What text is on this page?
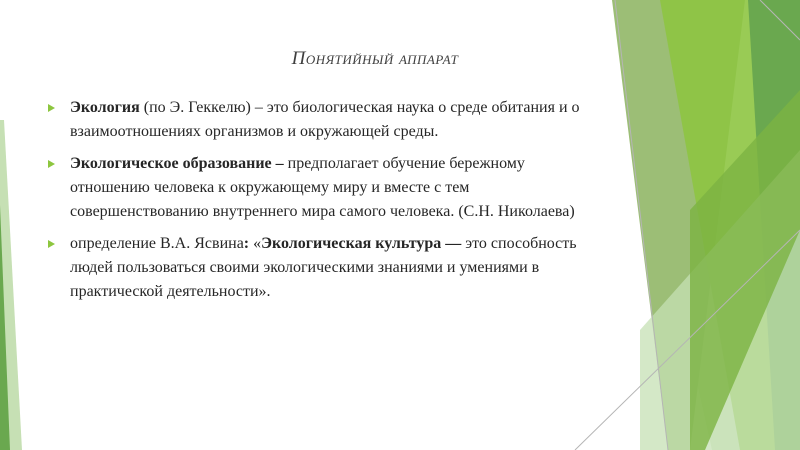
Понятийный аппарат
Экология (по Э. Геккелю) – это биологическая наука о среде обитания и о взаимоотношениях организмов и окружающей среды.
Экологическое образование – предполагает обучение бережному отношению человека к окружающему миру и вместе с тем совершенствованию внутреннего мира самого человека. (С.Н. Николаева)
определение В.А. Ясвина: «Экологическая культура — это способность людей пользоваться своими экологическими знаниями и умениями в практической деятельности».
